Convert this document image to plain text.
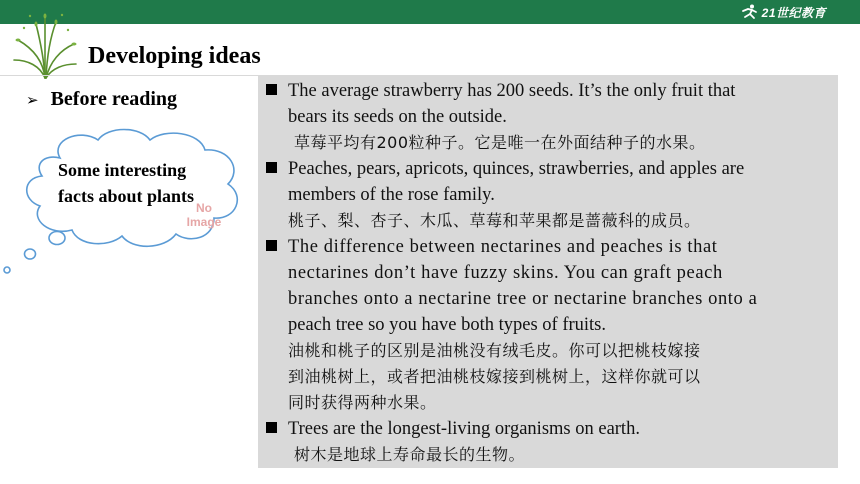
21世纪教育
Developing ideas
➢ Before reading
Some interesting
facts about plants
No
Image
The average strawberry has 200 seeds. It’s the only fruit that
bears its seeds on the outside.
草莓平均有200粒种子。它是唯一在外面结种子的水果。
Peaches, pears, apricots, quinces, strawberries, and apples are
members of the rose family.
桃子、梨、杏子、木瓜、草莓和苹果都是蔷薇科的成员。
The difference between nectarines and peaches is that
nectarines don’t have fuzzy skins. You can graft peach
branches onto a nectarine tree or nectarine branches onto a
peach tree so you have both types of fruits.
油桃和桃子的区别是油桃没有绒毛皮。你可以把桃枝嫁接
到油桃树上，或者把油桃枝嫁接到桃树上，这样你就可以
同时获得两种水果。
Trees are the longest-living organisms on earth.
树木是地球上寿命最长的生物。
